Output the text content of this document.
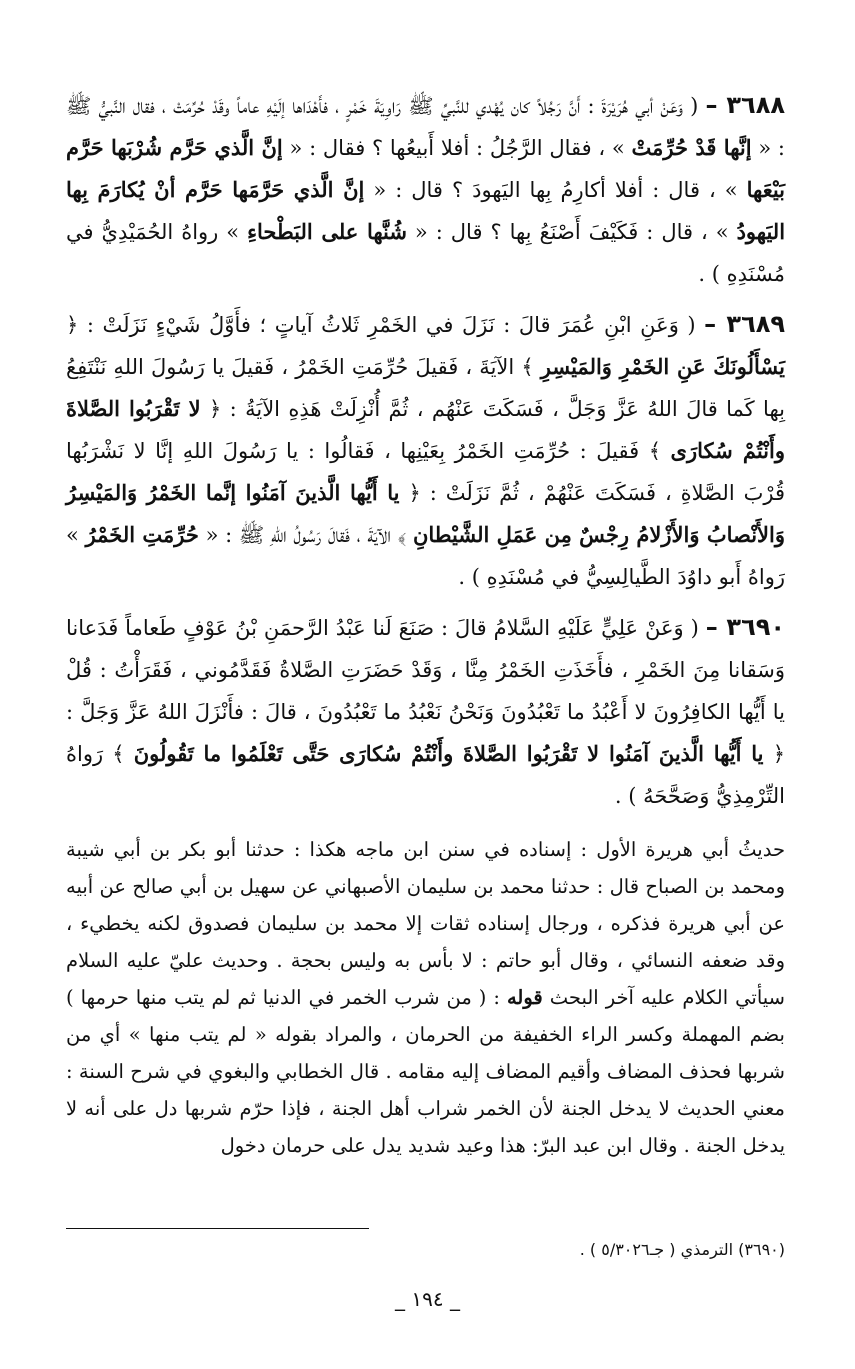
٣٦٨٨ – ( وَعَنْ أبي هُرَيْرَةَ : أَنَّ رَجُلاً كان يُهْدي للنَّبيِّ ﷺ رَاوِيَةَ خَمْرٍ ، فأَهْدَاها إلَيْهِ عاماً وقَدْ حُرِّمَتْ ، فقال النَّبيُّ ﷺ : « إنَّها قَدْ حُرِّمَتْ » ، فقال الرَّجُلُ : أفلا أَبيعُها ؟ فقال : « إنَّ الَّذي حَرَّم شُرْبَها حَرَّم بَيْعَها » ، قال : أفلا أكارِمُ بِها اليَهودَ ؟ قال : « إنَّ الَّذي حَرَّمَها حَرَّم أنْ يُكارَمَ بِها اليَهودُ » ، قال : فَكَيْفَ أَصْنَعُ بِها ؟ قال : « شُنَّها على البَطْحاءِ » رواهُ الحُمَيْدِيُّ في مُسْنَدِهِ ) .

٣٦٨٩ – ( وَعَنِ ابْنِ عُمَرَ قالَ : نَزَلَ في الخَمْرِ ثَلاثُ آياتٍ ؛ فأَوَّلُ شَيْءٍ نَزَلَتْ : ﴿ يَسْأَلُونَكَ عَنِ الخَمْرِ وَالمَيْسِرِ ﴾ الآيَةَ ، فَقيلَ حُرِّمَتِ الخَمْرُ ، فَقيلَ يا رَسُولَ اللهِ نَنْتَفِعُ بِها كَما قالَ اللهُ عَزَّ وَجَلَّ ، فَسَكَتَ عَنْهُم ، ثُمَّ أُنْزِلَتْ هَذِهِ الآيَةُ : ﴿ لا تَقْرَبُوا الصَّلاةَ وأَنْتُمْ سُكارَى ﴾ فَقيلَ : حُرِّمَتِ الخَمْرُ بِعَيْنِها ، فَقالُوا : يا رَسُولَ اللهِ إنَّا لا نَشْرَبُها قُرْبَ الصَّلاةِ ، فَسَكَتَ عَنْهُمْ ، ثُمَّ نَزَلَتْ : ﴿ يا أَيُّها الَّذينَ آمَنُوا إنَّما الخَمْرُ وَالمَيْسِرُ وَالأَنْصابُ وَالأَزْلامُ رِجْسٌ مِن عَمَلِ الشَّيْطانِ ﴾ الآيَةَ ، فَقالَ رَسُولُ اللهِ ﷺ : « حُرِّمَتِ الخَمْرُ » رَواهُ أَبو داوُدَ الطَّيالِسِيُّ في مُسْنَدِهِ ) .

٣٦٩٠ – ( وَعَنْ عَلِيٍّ عَلَيْهِ السَّلامُ قالَ : صَنَعَ لَنا عَبْدُ الرَّحمَنِ بْنُ عَوْفٍ طَعاماً فَدَعانا وَسَقانا مِنَ الخَمْرِ ، فأَخَذَتِ الخَمْرُ مِنَّا ، وَقَدْ حَضَرَتِ الصَّلاةُ فَقَدَّمُوني ، فَقَرَأْتُ : قُلْ يا أَيُّها الكافِرُونَ لا أَعْبُدُ ما تَعْبُدُونَ وَنَحْنُ نَعْبُدُ ما تَعْبُدُونَ ، قالَ : فأَنْزَلَ اللهُ عَزَّ وَجَلَّ : ﴿ يا أَيُّها الَّذينَ آمَنُوا لا تَقْرَبُوا الصَّلاةَ وأَنْتُمْ سُكارَى حَتَّى تَعْلَمُوا ما تَقُولُونَ ﴾ رَواهُ التِّرْمِذِيُّ وَصَحَّحَهُ ) .

حديثُ أبي هريرة الأول : إسناده في سنن ابن ماجه هكذا : حدثنا أبو بكر بن أبي شيبة ومحمد بن الصباح قال : حدثنا محمد بن سليمان الأصبهاني عن سهيل بن أبي صالح عن أبيه عن أبي هريرة فذكره ، ورجال إسناده ثقات إلا محمد بن سليمان فصدوق لكنه يخطيء ، وقد ضعفه النسائي ، وقال أبو حاتم : لا بأس به وليس بحجة . وحديث عليّ عليه السلام سيأتي الكلام عليه آخر البحث قوله : ( من شرب الخمر في الدنيا ثم لم يتب منها حرمها ) بضم المهملة وكسر الراء الخفيفة من الحرمان ، والمراد بقوله « لم يتب منها » أي من شربها فحذف المضاف وأقيم المضاف إليه مقامه . قال الخطابي والبغوي في شرح السنة : معني الحديث لا يدخل الجنة لأن الخمر شراب أهل الجنة ، فإذا حرّم شربها دل على أنه لا يدخل الجنة . وقال ابن عبد البرّ: هذا وعيد شديد يدل على حرمان دخول

(٣٦٩٠) الترمذي ( جـ٥/٣٠٢٦ ) .
_ ١٩٤ _
